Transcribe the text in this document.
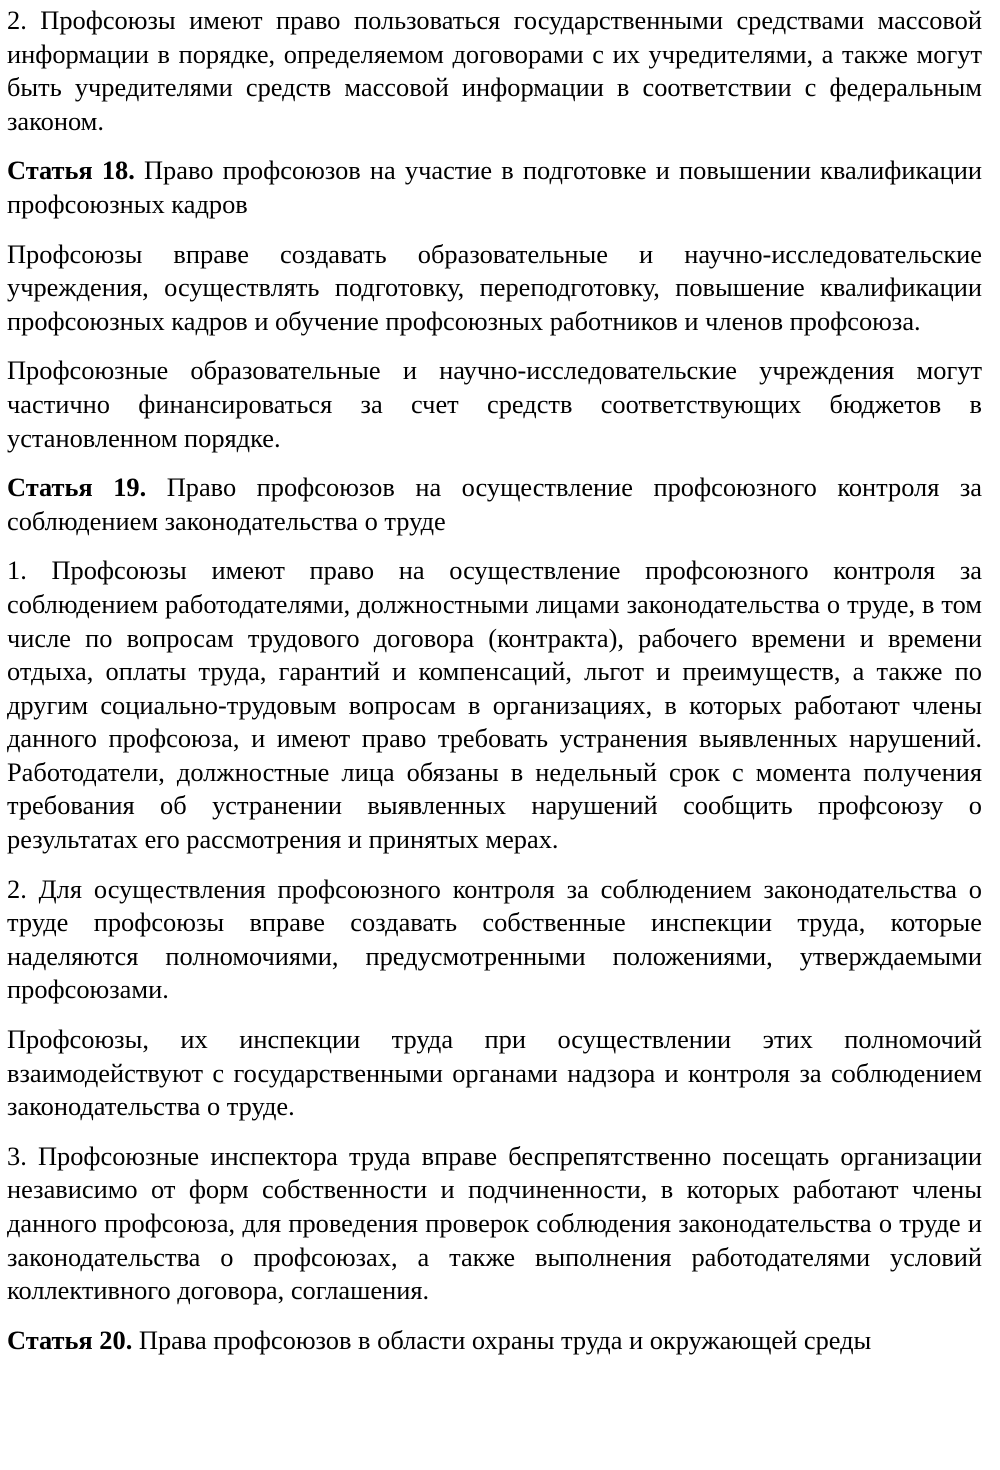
2. Профсоюзы имеют право пользоваться государственными средствами массовой информации в порядке, определяемом договорами с их учредителями, а также могут быть учредителями средств массовой информации в соответствии с федеральным законом.

Статья 18. Право профсоюзов на участие в подготовке и повышении квалификации профсоюзных кадров

Профсоюзы вправе создавать образовательные и научно-исследовательские учреждения, осуществлять подготовку, переподготовку, повышение квалификации профсоюзных кадров и обучение профсоюзных работников и членов профсоюза.

Профсоюзные образовательные и научно-исследовательские учреждения могут частично финансироваться за счет средств соответствующих бюджетов в установленном порядке.

Статья 19. Право профсоюзов на осуществление профсоюзного контроля за соблюдением законодательства о труде

1. Профсоюзы имеют право на осуществление профсоюзного контроля за соблюдением работодателями, должностными лицами законодательства о труде, в том числе по вопросам трудового договора (контракта), рабочего времени и времени отдыха, оплаты труда, гарантий и компенсаций, льгот и преимуществ, а также по другим социально-трудовым вопросам в организациях, в которых работают члены данного профсоюза, и имеют право требовать устранения выявленных нарушений. Работодатели, должностные лица обязаны в недельный срок с момента получения требования об устранении выявленных нарушений сообщить профсоюзу о результатах его рассмотрения и принятых мерах.

2. Для осуществления профсоюзного контроля за соблюдением законодательства о труде профсоюзы вправе создавать собственные инспекции труда, которые наделяются полномочиями, предусмотренными положениями, утверждаемыми профсоюзами.

Профсоюзы, их инспекции труда при осуществлении этих полномочий взаимодействуют с государственными органами надзора и контроля за соблюдением законодательства о труде.

3. Профсоюзные инспектора труда вправе беспрепятственно посещать организации независимо от форм собственности и подчиненности, в которых работают члены данного профсоюза, для проведения проверок соблюдения законодательства о труде и законодательства о профсоюзах, а также выполнения работодателями условий коллективного договора, соглашения.

Статья 20. Права профсоюзов в области охраны труда и окружающей среды
